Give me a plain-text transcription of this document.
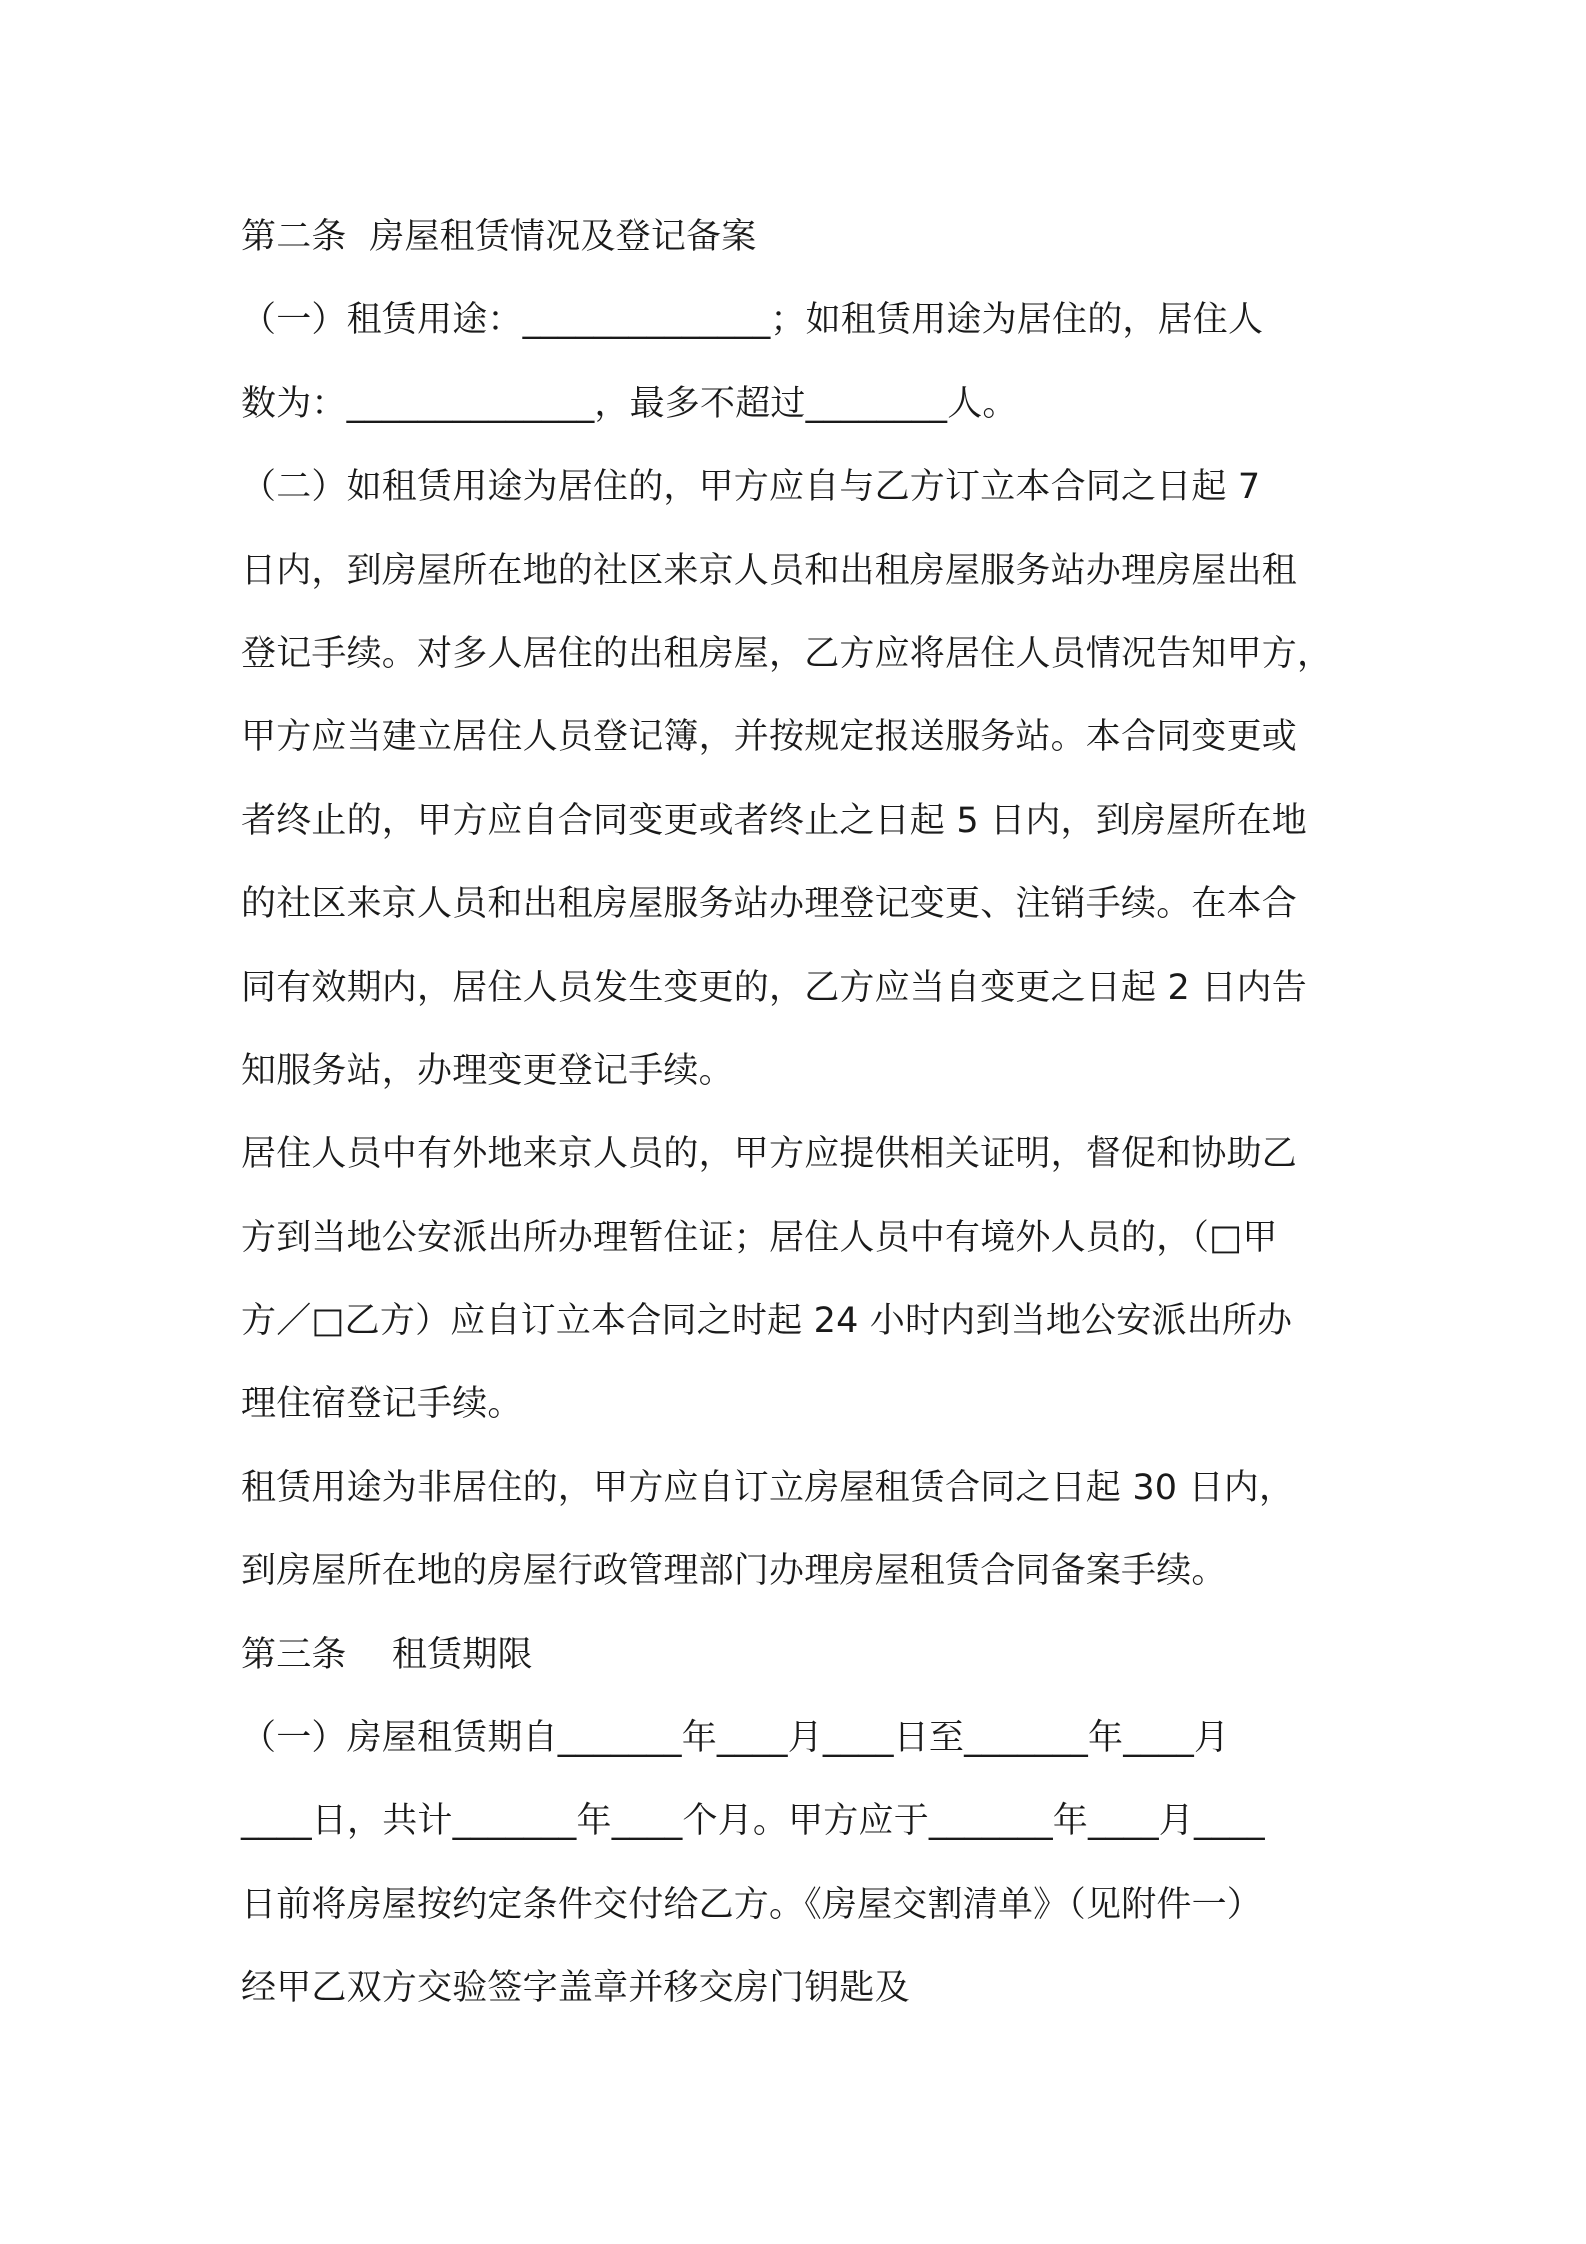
第二条  房屋租赁情况及登记备案
（一）租赁用途：______________；如租赁用途为居住的，居住人
数为：______________，最多不超过________人。
（二）如租赁用途为居住的，甲方应自与乙方订立本合同之日起 7
日内，到房屋所在地的社区来京人员和出租房屋服务站办理房屋出租
登记手续。对多人居住的出租房屋，乙方应将居住人员情况告知甲方，
甲方应当建立居住人员登记簿，并按规定报送服务站。本合同变更或
者终止的，甲方应自合同变更或者终止之日起 5 日内，到房屋所在地
的社区来京人员和出租房屋服务站办理登记变更、注销手续。在本合
同有效期内，居住人员发生变更的，乙方应当自变更之日起 2 日内告
知服务站，办理变更登记手续。
居住人员中有外地来京人员的，甲方应提供相关证明，督促和协助乙
方到当地公安派出所办理暂住证；居住人员中有境外人员的，（□甲
方／□乙方）应自订立本合同之时起 24 小时内到当地公安派出所办
理住宿登记手续。
租赁用途为非居住的，甲方应自订立房屋租赁合同之日起 30 日内，
到房屋所在地的房屋行政管理部门办理房屋租赁合同备案手续。
第三条    租赁期限
（一）房屋租赁期自_______年____月____日至_______年____月
____日，共计_______年____个月。甲方应于_______年____月____
日前将房屋按约定条件交付给乙方。《房屋交割清单》（见附件一）
经甲乙双方交验签字盖章并移交房门钥匙及
